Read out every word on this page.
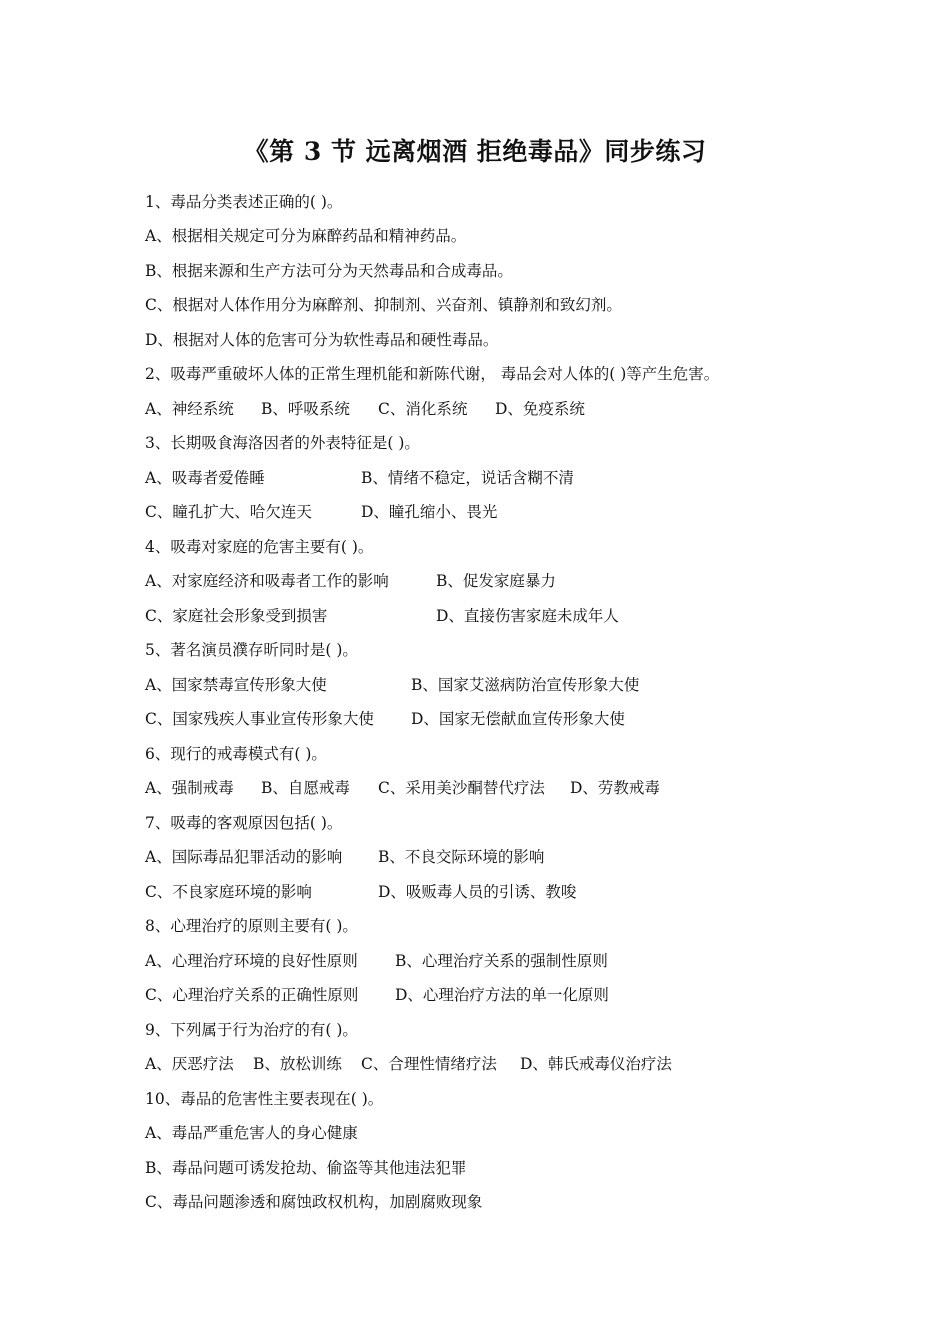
《第 3 节 远离烟酒 拒绝毒品》同步练习
1、毒品分类表述正确的( )。
A、根据相关规定可分为麻醉药品和精神药品。
B、根据来源和生产方法可分为天然毒品和合成毒品。
C、根据对人体作用分为麻醉剂、抑制剂、兴奋剂、镇静剂和致幻剂。
D、根据对人体的危害可分为软性毒品和硬性毒品。
2、吸毒严重破坏人体的正常生理机能和新陈代谢， 毒品会对人体的( )等产生危害。
A、神经系统 B、呼吸系统 C、消化系统 D、免疫系统
3、长期吸食海洛因者的外表特征是( )。
A、吸毒者爱倦睡	B、情绪不稳定，说话含糊不清
C、瞳孔扩大、哈欠连天	D、瞳孔缩小、畏光
4、吸毒对家庭的危害主要有( )。
A、对家庭经济和吸毒者工作的影响	B、促发家庭暴力
C、家庭社会形象受到损害	D、直接伤害家庭未成年人
5、著名演员濮存昕同时是( )。
A、国家禁毒宣传形象大使	B、国家艾滋病防治宣传形象大使
C、国家残疾人事业宣传形象大使 D、国家无偿献血宣传形象大使
6、现行的戒毒模式有( )。
A、强制戒毒 B、自愿戒毒 C、采用美沙酮替代疗法 D、劳教戒毒
7、吸毒的客观原因包括( )。
A、国际毒品犯罪活动的影响 B、不良交际环境的影响
C、不良家庭环境的影响	D、吸贩毒人员的引诱、教唆
8、心理治疗的原则主要有( )。
A、心理治疗环境的良好性原则 B、心理治疗关系的强制性原则
C、心理治疗关系的正确性原则 D、心理治疗方法的单一化原则
9、下列属于行为治疗的有( )。
A、厌恶疗法 B、放松训练 C、合理性情绪疗法 D、韩氏戒毒仪治疗法
10、毒品的危害性主要表现在( )。
A、毒品严重危害人的身心健康
B、毒品问题可诱发抢劫、偷盗等其他违法犯罪
C、毒品问题渗透和腐蚀政权机构，加剧腐败现象
